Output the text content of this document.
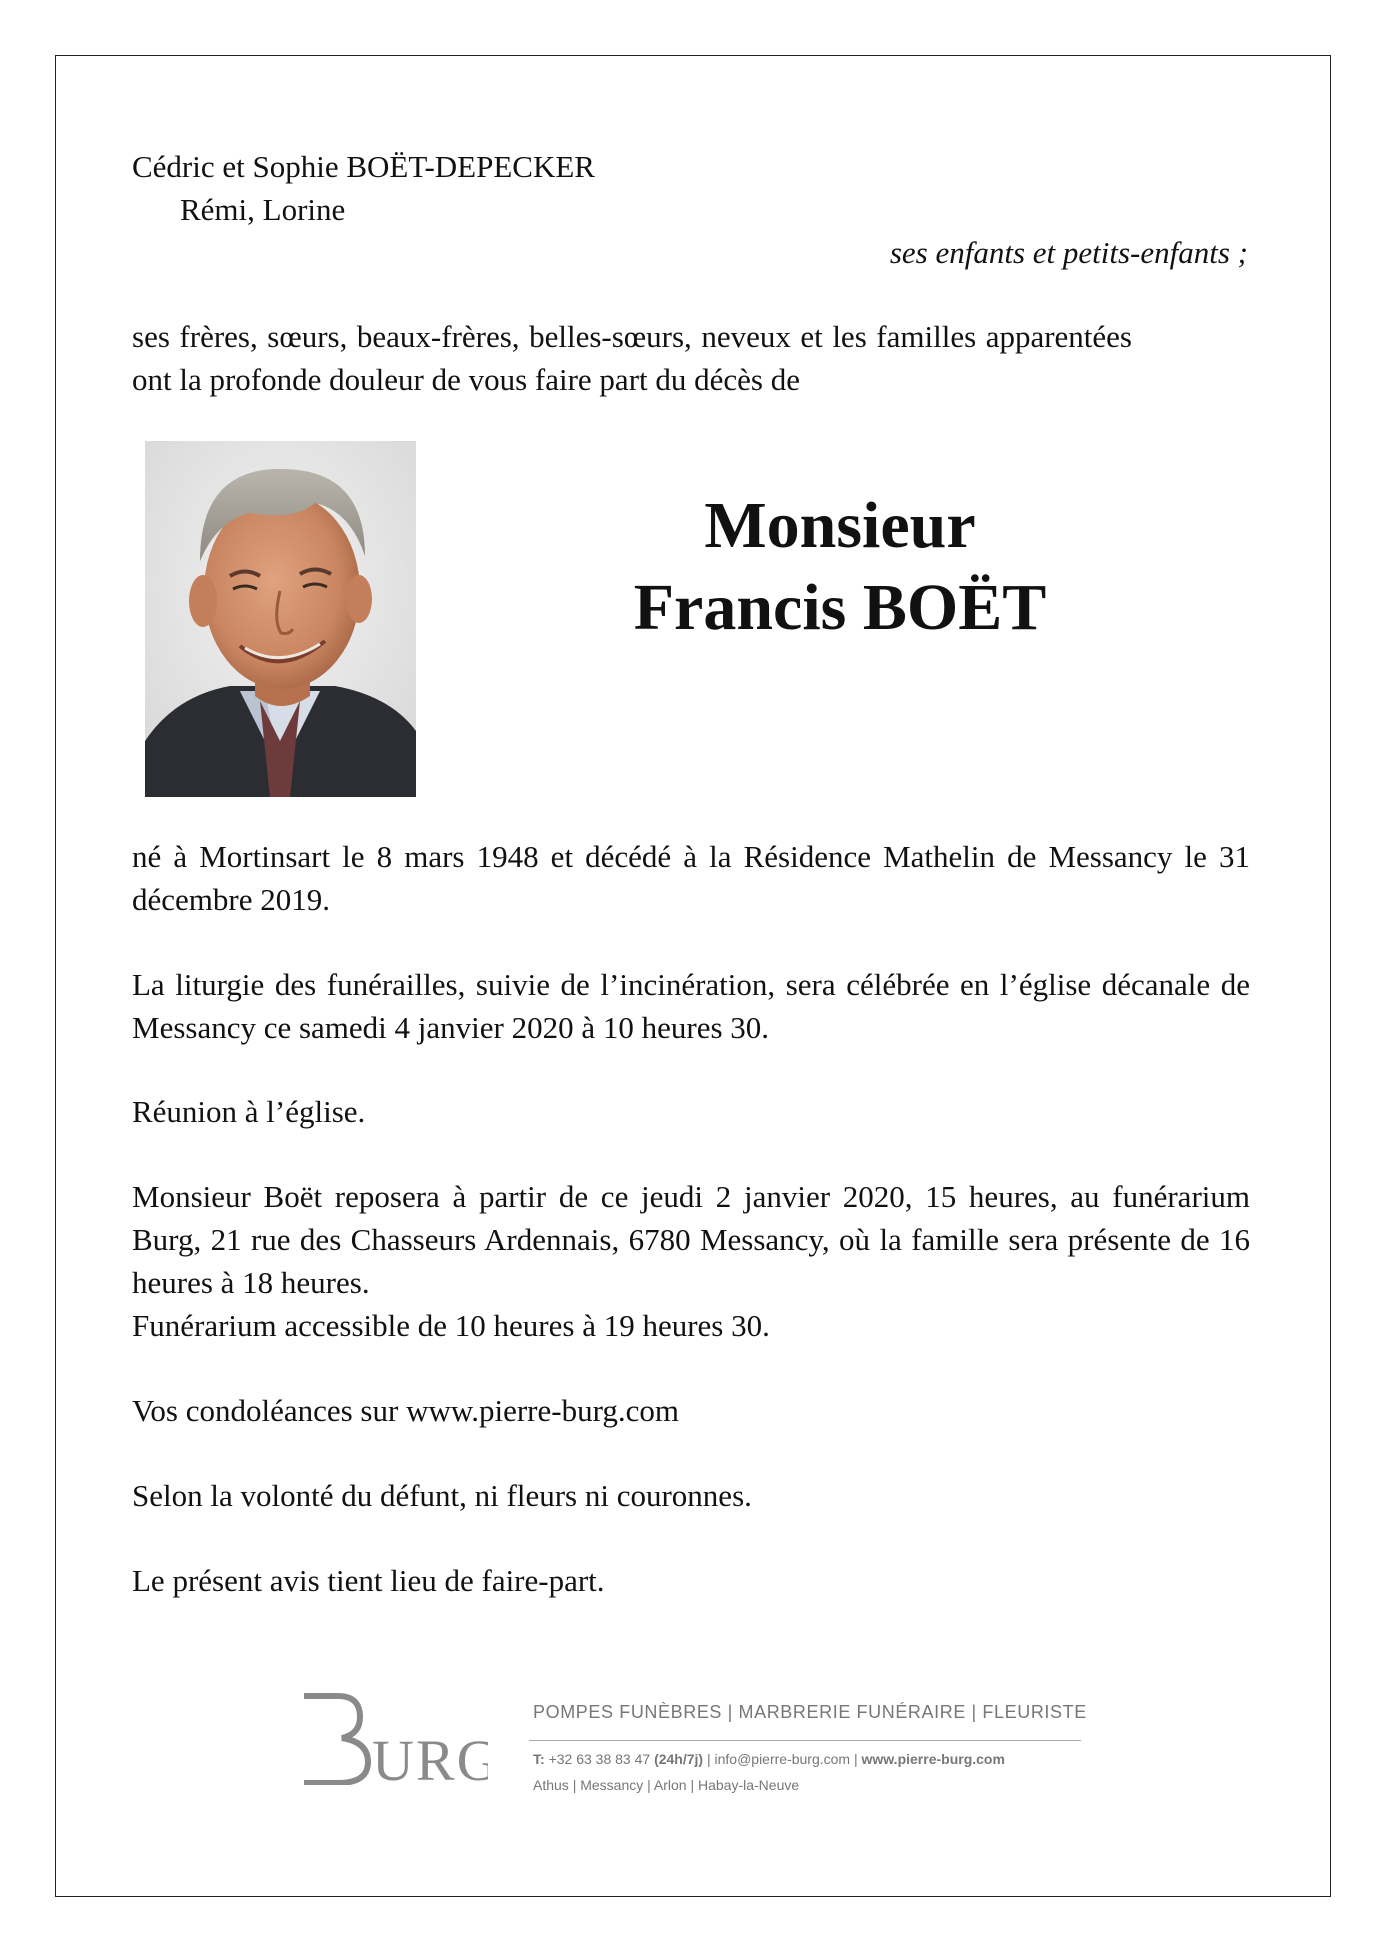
Cédric et Sophie BOËT-DEPECKER
Rémi, Lorine
ses enfants et petits-enfants ;
ses frères, sœurs, beaux-frères, belles-sœurs, neveux et les familles apparentées ont la profonde douleur de vous faire part du décès de
Monsieur
Francis BOËT
né à Mortinsart le 8 mars 1948 et décédé à la Résidence Mathelin de Messancy le 31 décembre 2019.
La liturgie des funérailles, suivie de l’incinération, sera célébrée en l’église décanale de Messancy ce samedi 4 janvier 2020 à 10 heures 30.
Réunion à l’église.
Monsieur Boët reposera à partir de ce jeudi 2 janvier 2020, 15 heures, au funérarium Burg, 21 rue des Chasseurs Ardennais, 6780 Messancy, où la famille sera présente de 16 heures à 18 heures.
Funérarium accessible de 10 heures à 19 heures 30.
Vos condoléances sur www.pierre-burg.com
Selon la volonté du défunt, ni fleurs ni couronnes.
Le présent avis tient lieu de faire-part.
URG
POMPES FUNÈBRES | MARBRERIE FUNÉRAIRE | FLEURISTE
T: +32 63 38 83 47 (24h/7j) | info@pierre-burg.com | www.pierre-burg.com
Athus | Messancy | Arlon | Habay-la-Neuve
